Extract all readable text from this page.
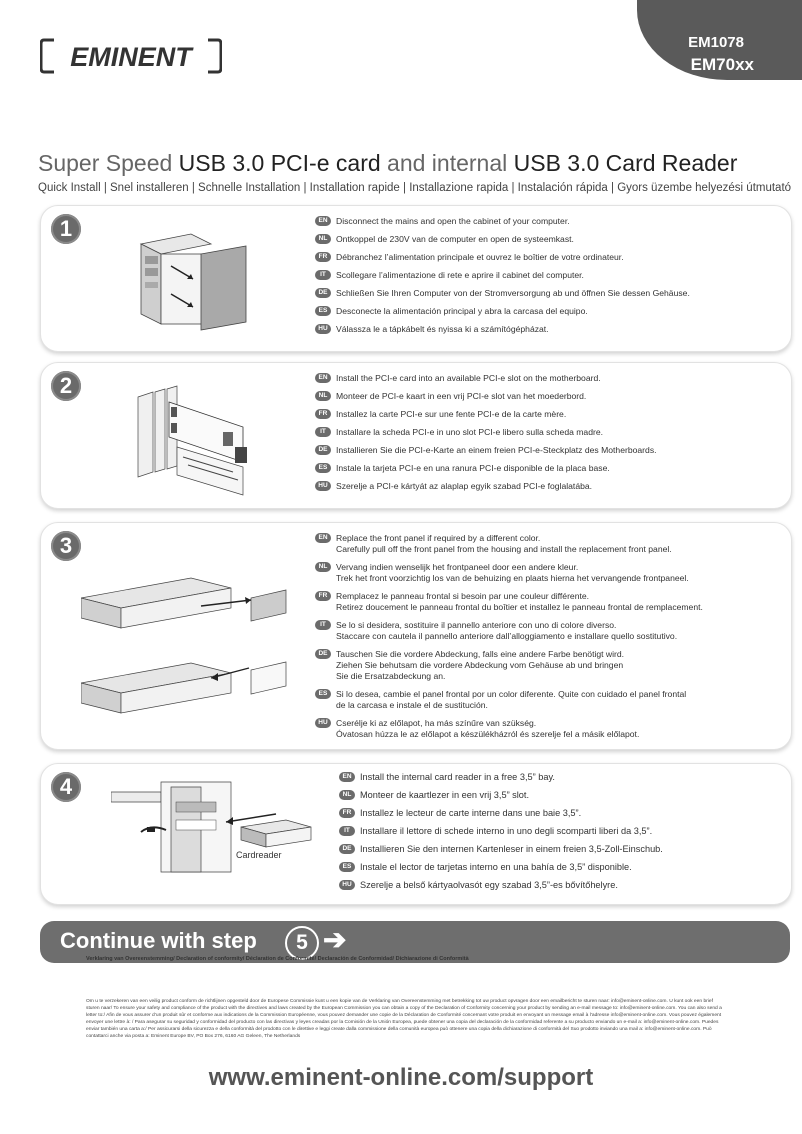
EM1078
EM70xx
EMINENT
Super Speed USB 3.0 PCI-e card and internal USB 3.0 Card Reader
Quick Install | Snel installeren | Schnelle Installation | Installation rapide | Installazione rapida | Instalación rápida | Gyors üzembe helyezési útmutató
1	EN Disconnect the mains and open the cabinet of your computer.
NL	Ontkoppel de 230V van de computer en open de systeemkast.
FR	Débranchez l’alimentation principale et ouvrez le boîtier de votre ordinateur.
IT	Scollegare l’alimentazione di rete e aprire il cabinet del computer.
DE Schließen Sie Ihren Computer von der Stromversorgung ab und öffnen Sie dessen Gehäuse.
ES	Desconecte la alimentación principal y abra la carcasa del equipo.
HU Válassza le a tápkábelt és nyissa ki a számítógépházat.
2	EN Install the PCI-e card into an available PCI-e slot on the motherboard.
NL	Monteer de PCI-e kaart in een vrij PCI-e slot van het moederbord.
FR	Installez la carte PCI-e sur une fente PCI-e de la carte mère.
IT	Installare la scheda PCI-e in uno slot PCI-e libero sulla scheda madre.
DE Installieren Sie die PCI-e-Karte an einem freien PCI-e-Steckplatz des Motherboards.
ES	Instale la tarjeta PCI-e en una ranura PCI-e disponible de la placa base.
HU Szerelje a PCI-e kártyát az alaplap egyik szabad PCI-e foglalatába.
3	EN Replace the front panel if required by a different color.
Carefully pull off the front panel from the housing and install the replacement front panel.
NL	Vervang indien wenselijk het frontpaneel door een andere kleur.
Trek het front voorzichtig los van de behuizing en plaats hierna het vervangende frontpaneel.
FR	Remplacez le panneau frontal si besoin par une couleur différente.
Retirez doucement le panneau frontal du boîtier et installez le panneau frontal de remplacement.
IT	Se lo si desidera, sostituire il pannello anteriore con uno di colore diverso.
Staccare con cautela il pannello anteriore dall’alloggiamento e installare quello sostitutivo.
DE Tauschen Sie die vordere Abdeckung, falls eine andere Farbe benötigt wird.
Ziehen Sie behutsam die vordere Abdeckung vom Gehäuse ab und bringen
Sie die Ersatzabdeckung an.
ES	Si lo desea, cambie el panel frontal por un color diferente. Quite con cuidado el panel frontal
de la carcasa e instale el de sustitución.
HU Cserélje ki az előlapot, ha más színűre van szükség.
Óvatosan húzza le az előlapot a készülékházról és szerelje fel a másik előlapot.
4
Cardreader
EN Install the internal card reader in a free 3,5” bay.
NL Monteer de kaartlezer in een vrij 3,5” slot.
FR Installez le lecteur de carte interne dans une baie 3,5”.
IT	Installare il lettore di schede interno in uno degli scomparti liberi da 3,5”.
DE Installieren Sie den internen Kartenleser in einem freien 3,5-Zoll-Einschub.
ES Instale el lector de tarjetas interno en una bahía de 3,5” disponible.
HU Szerelje a belső kártyaolvasót egy szabad 3,5”-es bővítőhelyre.
Continue with step	5 ➔
Verklaring van Overeenstemming/ Declaration of conformity/ Déclaration de Conformité/ Declaración de Conformidad/ Dichiarazione di Conformità
Om u te verzekeren van een veilig product conform de richtlijnen opgesteld door de Europese Commissie kunt u een kopie van de Verklaring van Overeenstemming met betrekking tot uw product opvragen door een emailbericht te sturen naar: info@eminent-online.com. U kunt ook een brief sturen naar/ To ensure your safety and compliance of the product with the directives and laws created by the European Commission you can obtain a copy of the Declaration of Conformity concerning your product by sending an e-mail message to: info@eminent-online.com. You can also send a letter to:/ Afin de vous assurer d’un produit sûr et conforme aux indications de la Commission Européenne, vous pouvez demander une copie de la Déclaration de Conformité concernant votre produit en envoyant un message email à l’adresse info@eminent-online.com. Vous pouvez également envoyer une lettre à: / Para asegurar su seguridad y conformidad del producto con las directivas y leyes creadas por la Comisión de la Unión Europea, puede obtener una copia del declaración de la conformidad referente a su producto enviando un e-mail a: info@eminent-online.com. Puedes enviar también una carta a:/ Per assicurarsi della sicurezza e della conformità del prodotto con le direttive e leggi create dalla commissione della comunità europea può ottenere una copia della dichiarazione di conformità del Suo prodotto inviando una mail a: info@eminent-online.com. Può contattarci anche via posta a: Eminent Europe BV, PO Box 276, 6160 AG Geleen, The Netherlands
www.eminent-online.com/support
